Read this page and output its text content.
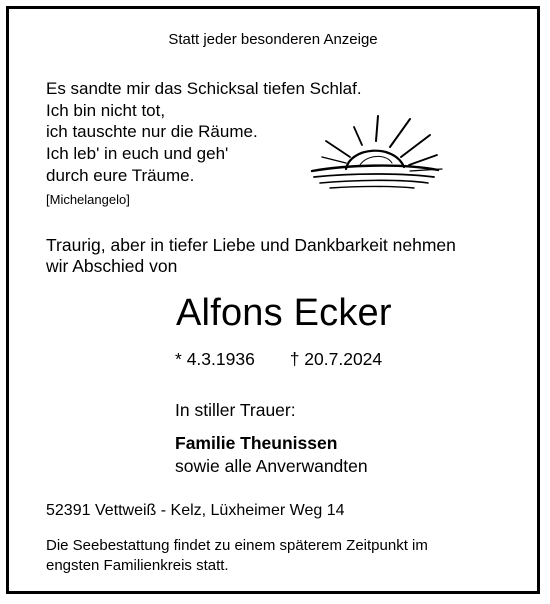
Statt jeder besonderen Anzeige
Es sandte mir das Schicksal tiefen Schlaf.
Ich bin nicht tot,
ich tauschte nur die Räume.
Ich leb' in euch und geh'
durch eure Träume.
[Michelangelo]
Traurig, aber in tiefer Liebe und Dankbarkeit nehmen
wir Abschied von
Alfons Ecker
* 4.3.1936 † 20.7.2024
In stiller Trauer:
Familie Theunissen
sowie alle Anverwandten
52391 Vettweiß - Kelz, Lüxheimer Weg 14
Die Seebestattung findet zu einem späterem Zeitpunkt im
engsten Familienkreis statt.
